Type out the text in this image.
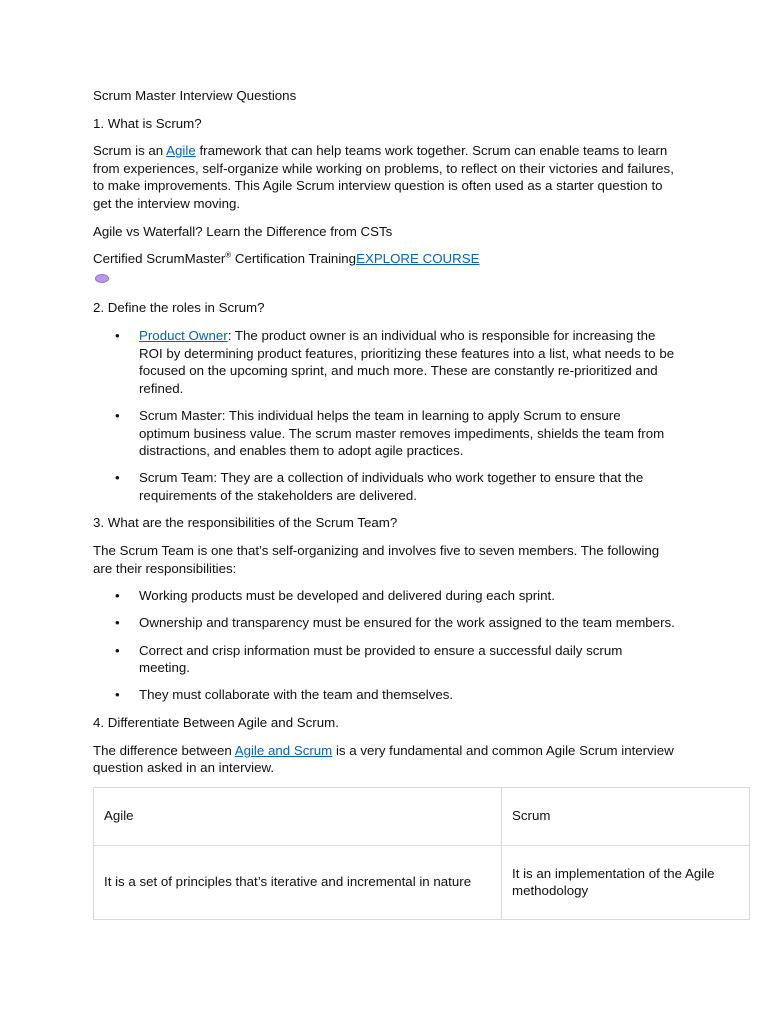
Scrum Master Interview Questions

1. What is Scrum?

Scrum is an Agile framework that can help teams work together. Scrum can enable teams to learn from experiences, self-organize while working on problems, to reflect on their victories and failures, to make improvements. This Agile Scrum interview question is often used as a starter question to get the interview moving.

Agile vs Waterfall? Learn the Difference from CSTs

Certified ScrumMaster® Certification TrainingEXPLORE COURSE

2. Define the roles in Scrum?

• Product Owner: The product owner is an individual who is responsible for increasing the ROI by determining product features, prioritizing these features into a list, what needs to be focused on the upcoming sprint, and much more. These are constantly re-prioritized and refined.
• Scrum Master: This individual helps the team in learning to apply Scrum to ensure optimum business value. The scrum master removes impediments, shields the team from distractions, and enables them to adopt agile practices.
• Scrum Team: They are a collection of individuals who work together to ensure that the requirements of the stakeholders are delivered.

3. What are the responsibilities of the Scrum Team?

The Scrum Team is one that’s self-organizing and involves five to seven members. The following are their responsibilities:

• Working products must be developed and delivered during each sprint.
• Ownership and transparency must be ensured for the work assigned to the team members.
• Correct and crisp information must be provided to ensure a successful daily scrum meeting.
• They must collaborate with the team and themselves.

4. Differentiate Between Agile and Scrum.

The difference between Agile and Scrum is a very fundamental and common Agile Scrum interview question asked in an interview.

Agile	Scrum
It is a set of principles that’s iterative and incremental in nature	It is an implementation of the Agile methodology
